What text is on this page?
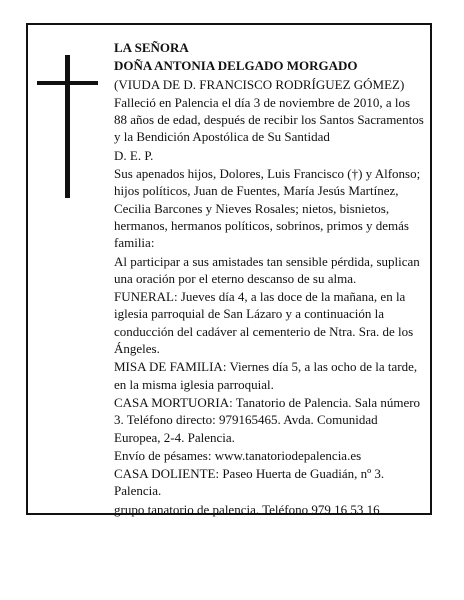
LA SEÑORA

DOÑA ANTONIA DELGADO MORGADO

(VIUDA DE D. FRANCISCO RODRÍGUEZ GÓMEZ)

Falleció en Palencia el día 3 de noviembre de 2010, a los 88 años de edad, después de recibir los Santos Sacramentos y la Bendición Apostólica de Su Santidad

D. E. P.

Sus apenados hijos, Dolores, Luis Francisco (†) y Alfonso; hijos políticos, Juan de Fuentes, María Jesús Martínez, Cecilia Barcones y Nieves Rosales; nietos, bisnietos, hermanos, hermanos políticos, sobrinos, primos y demás familia:

Al participar a sus amistades tan sensible pérdida, suplican una oración por el eterno descanso de su alma.

FUNERAL: Jueves día 4, a las doce de la mañana, en la iglesia parroquial de San Lázaro y a continuación la conducción del cadáver al cementerio de Ntra. Sra. de los Ángeles.

MISA DE FAMILIA: Viernes día 5, a las ocho de la tarde, en la misma iglesia parroquial.

CASA MORTUORIA: Tanatorio de Palencia. Sala número 3. Teléfono directo: 979165465. Avda. Comunidad Europea, 2-4. Palencia.

Envío de pésames: www.tanatoriodepalencia.es

CASA DOLIENTE: Paseo Huerta de Guadián, nº 3. Palencia.

grupo tanatorio de palencia. Teléfono 979 16 53 16
